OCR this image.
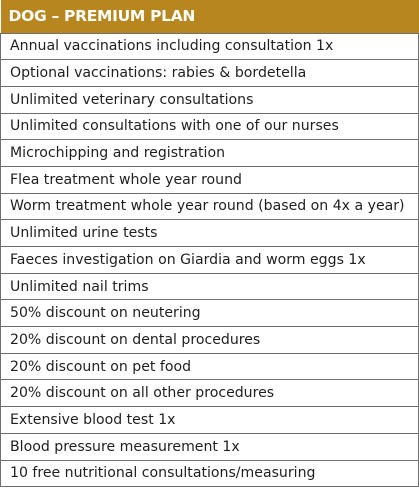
DOG – PREMIUM PLAN
Annual vaccinations including consultation 1x
Optional vaccinations: rabies & bordetella
Unlimited veterinary consultations
Unlimited consultations with one of our nurses
Microchipping and registration
Flea treatment whole year round
Worm treatment whole year round (based on 4x a year)
Unlimited urine tests
Faeces investigation on Giardia and worm eggs 1x
Unlimited nail trims
50% discount on neutering
20% discount on dental procedures
20% discount on pet food
20% discount on all other procedures
Extensive blood test 1x
Blood pressure measurement 1x
10 free nutritional consultations/measuring
